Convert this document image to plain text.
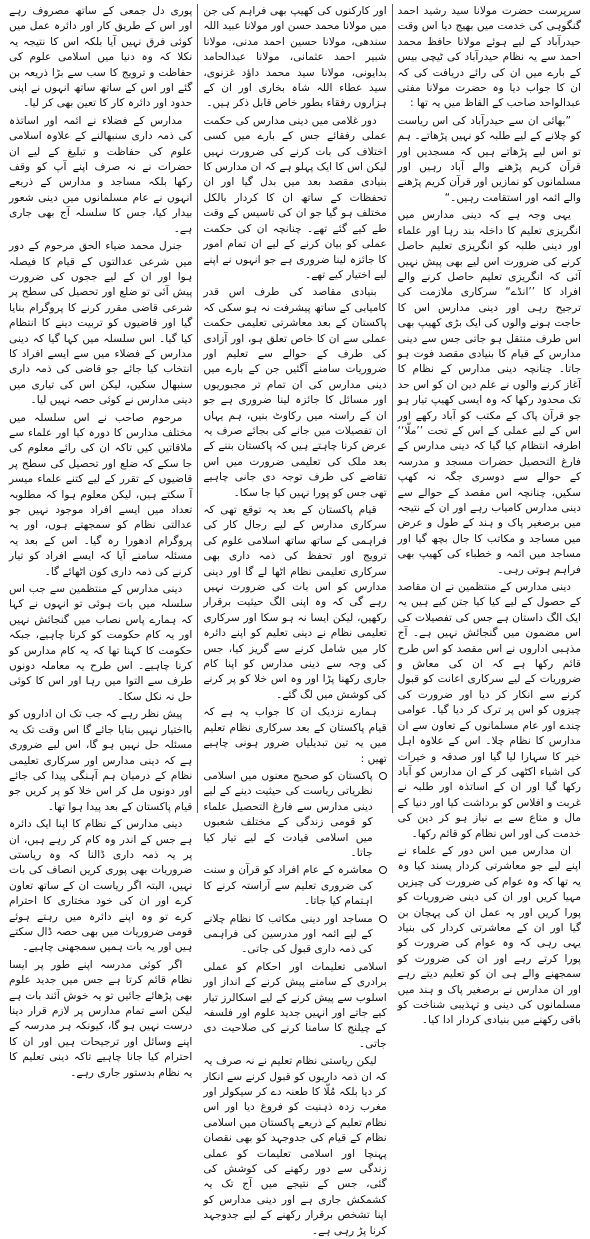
سرپرست حضرت مولانا سید رشید احمد گنگوہی کی خدمت میں بھیج دیا اس وقت حیدرآباد کے لیے ہوئے مولانا حافظ محمد احمد سے یہ نظام حیدرآباد کی ٹیچی بیس کے بارے میں ان کی رائے دریافت کی کہ ان کا جواب دیا وہ حضرت مولانا مفتی عبدالواحد صاحب کے الفاظ میں یہ تھا :

”بھائی ان سے حیدرآباد کی اس ریاست کو چلانے کے لیے طلبہ کو نہیں پڑھاتے۔ ہم تو اس لیے پڑھاتے ہیں کہ مسجدیں اور قرآن کریم پڑھنے والے آباد رہیں اور مسلمانوں کو نمازیں اور قرآن کریم پڑھنے والے ائمہ اور استقامت رہیں۔“

یہی وجہ ہے کہ دینی مدارس میں انگریزی تعلیم کا داخلہ بند رہا اور علماء اور دینی طلبہ کو انگریزی تعلیم حاصل کرنے کی ضرورت اس لیے بھی پیش نہیں آئی کہ انگریزی تعلیم حاصل کرنے والے افراد کا ’’انڈے“ سرکاری ملازمت کی ترجیح رہی اور دینی مدارس اس کا حاجت ہونے والوں کی ایک بڑی کھیپ بھی اس طرف منتقل ہو جاتی جس سے دینی مدارس کے قیام کا بنیادی مقصد فوت ہو جاتا۔ چنانچہ دینی مدارس کے نظام کا آغاز کرنے والوں نے علم دین ان کو اس حد تک محدود رکھا کہ وہ ایسی کھیپ تیار ہو جو قرآن پاک کے مکتب کو آباد رکھے اور اس کے لیے عملی کے اس کے تحت ’’ملّا‘‘ اطرفہ انتظام کیا گیا کہ دینی مدارس کے فارغ التحصیل حضرات مسجد و مدرسہ کے حوالے سے دوسری جگہ نہ کھپ سکیں، چنانچہ اس مقصد کے حوالے سے دینی مدارس کامیاب رہے اور ان کے نتیجہ میں برصغیر پاک و ہند کے طول و عرض میں مساجد و مکاتب کا جال بچھ گیا اور مساجد میں ائمہ و خطباء کی کھیپ بھی فراہم ہوتی رہی۔

دینی مدارس کے منتظمین نے ان مقاصد کے حصول کے لیے کیا کیا جتن کیے ہیں یہ ایک الگ داستان ہے جس کی تفصیلات کی اس مضمون میں گنجائش نہیں ہے۔ آج مذہبی اداروں نے اس مقصد کو اس طرح قائم رکھا ہے کہ ان کی معاش و ضروریات کے لیے سرکاری اعانت کو قبول کرنے سے انکار کر دیا اور ضرورت کی چیزوں کو اس پر ترک کر دیا گیا۔ عوامی چندے اور عام مسلمانوں کے تعاون سے ان مدارس کا نظام چلا۔ اس کے علاوہ اہل خیر کا سہارا لیا گیا اور صدقہ و خیرات کی اشیاء اکٹھی کر کے ان مدارس کو آباد رکھا گیا اور ان کے اساتذہ اور طلبہ نے غربت و افلاس کو برداشت کیا اور دنیا کے مال و متاع سے بے نیاز ہو کر دین کی خدمت کی اور اس نظام کو قائم رکھا۔

ان مدارس میں اس دور کے علماء نے اپنے لیے جو معاشرتی کردار پسند کیا وہ یہ تھا کہ وہ عوام کی ضرورت کی چیزیں مہیا کریں اور ان کی دینی ضروریات کو پورا کریں اور یہ عمل ان کی پہچان بن گیا اور ان کے معاشرتی کردار کی بنیاد یہی رہی کہ وہ عوام کی ضرورت کو پورا کرتے رہے اور ان کی ضرورت کو سمجھنے والے ہی ان کو تعلیم دیتے رہے اور ان مدارس نے برصغیر پاک و ہند میں مسلمانوں کی دینی و تہذیبی شناخت کو باقی رکھنے میں بنیادی کردار ادا کیا۔

اور کارکنوں کی کھیپ بھی فراہم کی جن میں مولانا محمد حسن اور مولانا عبید اللہ سندھی، مولانا حسین احمد مدنی، مولانا شبیر احمد عثمانی، مولانا عبدالحامد بدایونی، مولانا سید محمد داؤد غزنوی، سید عطاء اللہ شاہ بخاری اور ان کے ہزاروں رفقاء بطور خاص قابل ذکر ہیں۔

دور غلامی میں دینی مدارس کی حکمت عملی رفقائے جس کے بارے میں کسی اختلاف کی بات کرنے کی ضرورت نہیں لیکن اس کا ایک پہلو ہے کہ ان مدارس کا بنیادی مقصد بعد میں بدل گیا اور ان تحفظات کے ساتھ ان کا کردار بالکل مختلف ہو گیا جو ان کی تاسیس کے وقت طے کیے گئے تھے۔ چنانچہ ان کی حکمت عملی کو بیان کرنے کے لیے ان تمام امور کا جائزہ لینا ضروری ہے جو انہوں نے اپنے لیے اختیار کیے تھے۔

بنیادی مقاصد کی طرف اس قدر کامیابی کے ساتھ پیشرفت نہ ہو سکی کہ پاکستان کے بعد معاشرتی تعلیمی حکمت عملی سے ان کا خاص تعلق ہو، اور آزادی کی طرف کے حوالے سے تعلیم اور ضروریات سامنے آگئیں جن کے بارے میں دینی مدارس کی ان تمام تر مجبوریوں اور مسائل کا جائزہ لینا ضروری ہے جو ان کے راستہ میں رکاوٹ بنیں، ہم یہاں ان تفصیلات میں جانے کی بجائے صرف یہ عرض کرنا چاہتے ہیں کہ پاکستان بننے کے بعد ملک کی تعلیمی ضرورت میں اس تقاضے کی طرف توجہ دی جانی چاہیے تھی جس کو پورا نہیں کیا جا سکا۔

قیام پاکستان کے بعد یہ توقع تھی کہ سرکاری مدارس کے لیے رجال کار کی فراہمی کے ساتھ ساتھ اسلامی علوم کی ترویج اور تحفظ کی ذمہ داری بھی سرکاری تعلیمی نظام اٹھا لے گا اور دینی مدارس کو اس بات کی ضرورت نہیں رہے گی کہ وہ اپنی الگ حیثیت برقرار رکھیں، لیکن ایسا نہ ہو سکا اور سرکاری تعلیمی نظام نے دینی تعلیم کو اپنے دائرہ کار میں شامل کرنے سے گریز کیا، جس کی وجہ سے دینی مدارس کو اپنا کام جاری رکھنا پڑا اور وہ اس خلا کو پر کرنے کی کوشش میں لگ گئے۔

ہمارے نزدیک ان کا جواب یہ ہے کہ قیام پاکستان کے بعد سرکاری نظام تعلیم میں یہ تین تبدیلیاں ضرور ہونی چاہیے تھیں :

پاکستان کو صحیح معنوں میں اسلامی نظریاتی ریاست کی حیثیت دینے کے لیے دینی مدارس سے فارغ التحصیل علماء کو قومی زندگی کے مختلف شعبوں میں اسلامی قیادت کے لیے تیار کیا جاتا۔
معاشرہ کے عام افراد کو قرآن و سنت کی ضروری تعلیم سے آراستہ کرنے کا اہتمام کیا جاتا۔
مساجد اور دینی مکاتب کا نظام چلانے کے لیے ائمہ اور مدرسین کی فراہمی کی ذمہ داری قبول کی جاتی۔

اسلامی تعلیمات اور احکام کو عملی برادری کے سامنے پیش کرنے کے انداز اور اسلوب سے پیش کرنے کے لیے اسکالرز تیار کیے جاتے اور انہیں جدید علوم اور فلسفہ کے چیلنج کا سامنا کرنے کی صلاحیت دی جاتی۔

لیکن ریاستی نظام تعلیم نے نہ صرف یہ کہ ان ذمہ داریوں کو قبول کرنے سے انکار کر دیا بلکہ مُلّا کا طعنہ دے کر سیکولر اور مغرب زدہ ذہنیت کو فروغ دیا اور اس نظام تعلیم کے ذریعے پاکستان میں اسلامی نظام کے قیام کی جدوجہد کو بھی نقصان پہنچا اور اسلامی تعلیمات کو عملی زندگی سے دور رکھنے کی کوشش کی گئی، جس کے نتیجے میں آج تک یہ کشمکش جاری ہے اور دینی مدارس کو اپنا تشخص برقرار رکھنے کے لیے جدوجہد کرنا پڑ رہی ہے۔

پوری دل جمعی کے ساتھ مصروف رہے اور اس کے طریق کار اور دائرہ عمل میں کوئی فرق نہیں آیا بلکہ اس کا نتیجہ یہ نکلا کہ وہ دنیا میں اسلامی علوم کی حفاظت و ترویج کا سب سے بڑا ذریعہ بن گئے اور اس کے ساتھ ساتھ انہوں نے اپنی حدود اور دائرہ کار کا تعین بھی کر لیا۔

مدارس کے فضلاء نے ائمہ اور اساتذہ کی ذمہ داری سنبھالنے کے علاوہ اسلامی علوم کی حفاظت و تبلیغ کے لیے ان حضرات نے نہ صرف اپنے آپ کو وقف رکھا بلکہ مساجد و مدارس کے ذریعے انہوں نے عام مسلمانوں میں دینی شعور بیدار کیا، جس کا سلسلہ آج بھی جاری ہے۔

جنرل محمد ضیاء الحق مرحوم کے دور میں شرعی عدالتوں کے قیام کا فیصلہ ہوا اور ان کے لیے ججوں کی ضرورت پیش آئی تو ضلع اور تحصیل کی سطح پر شرعی قاضی مقرر کرنے کا پروگرام بنایا گیا اور قاضیوں کو تربیت دینے کا انتظام کیا گیا۔ اس سلسلہ میں کہا گیا کہ دینی مدارس کے فضلاء میں سے ایسے افراد کا انتخاب کیا جائے جو قاضی کی ذمہ داری سنبھال سکیں، لیکن اس کی تیاری میں دینی مدارس نے کوئی حصہ نہیں لیا۔

مرحوم صاحب نے اس سلسلہ میں مختلف مدارس کا دورہ کیا اور علماء سے ملاقاتیں کیں تاکہ ان کی رائے معلوم کی جا سکے کہ ضلع اور تحصیل کی سطح پر قاضیوں کے تقرر کے لیے کتنے علماء میسر آ سکتے ہیں، لیکن معلوم ہوا کہ مطلوبہ تعداد میں ایسے افراد موجود نہیں جو عدالتی نظام کو سمجھتے ہوں، اور یہ پروگرام ادھورا رہ گیا۔ اس کے بعد یہ مسئلہ سامنے آیا کہ ایسے افراد کو تیار کرنے کی ذمہ داری کون اٹھائے گا۔

دینی مدارس کے منتظمین سے جب اس سلسلہ میں بات ہوئی تو انہوں نے کہا کہ ہمارے پاس نصاب میں گنجائش نہیں اور یہ کام حکومت کو کرنا چاہیے، جبکہ حکومت کا کہنا تھا کہ یہ کام مدارس کو کرنا چاہیے۔ اس طرح یہ معاملہ دونوں طرف سے التوا میں رہا اور اس کا کوئی حل نہ نکل سکا۔

پیش نظر رہے کہ جب تک ان اداروں کو بااختیار نہیں بنایا جائے گا اس وقت تک یہ مسئلہ حل نہیں ہو گا، اس لیے ضروری ہے کہ دینی مدارس اور سرکاری تعلیمی نظام کے درمیان ہم آہنگی پیدا کی جائے اور دونوں مل کر اس خلا کو پر کریں جو قیام پاکستان کے بعد پیدا ہوا تھا۔

دینی مدارس کے نظام کا اپنا ایک دائرہ ہے جس کے اندر وہ کام کر رہے ہیں، ان پر یہ ذمہ داری ڈالنا کہ وہ ریاستی ضروریات بھی پوری کریں انصاف کی بات نہیں، البتہ اگر ریاست ان کے ساتھ تعاون کرے اور ان کی خود مختاری کا احترام کرے تو وہ اپنے دائرہ میں رہتے ہوئے قومی ضروریات میں بھی حصہ ڈال سکتے ہیں اور یہ بات ہمیں سمجھنی چاہیے۔

اگر کوئی مدرسہ اپنے طور پر ایسا نظام قائم کرتا ہے جس میں جدید علوم بھی پڑھائے جائیں تو یہ خوش آئند بات ہے لیکن اسے تمام مدارس پر لازم قرار دینا درست نہیں ہو گا، کیونکہ ہر مدرسہ کے اپنے وسائل اور ترجیحات ہیں اور ان کا احترام کیا جانا چاہیے تاکہ دینی تعلیم کا یہ نظام بدستور جاری رہے۔
